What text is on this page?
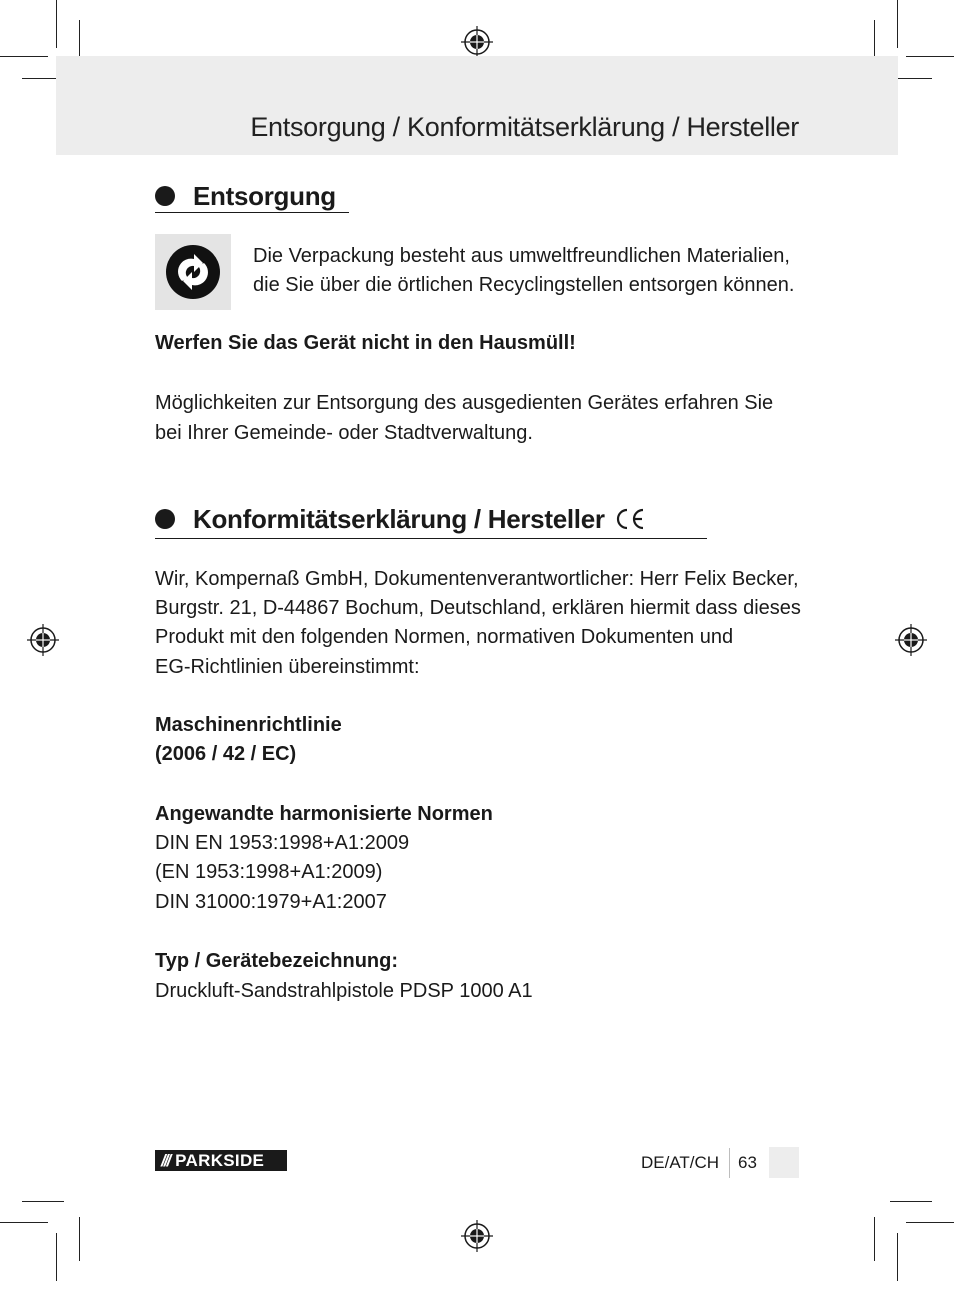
Entsorgung / Konformitätserklärung / Hersteller
Entsorgung
Die Verpackung besteht aus umweltfreundlichen Materialien,
die Sie über die örtlichen Recyclingstellen entsorgen können.
Werfen Sie das Gerät nicht in den Hausmüll!
Möglichkeiten zur Entsorgung des ausgedienten Gerätes erfahren Sie
bei Ihrer Gemeinde- oder Stadtverwaltung.
Konformitätserklärung / Hersteller
Wir, Kompernaß GmbH, Dokumentenverantwortlicher: Herr Felix Becker,
Burgstr. 21, D-44867 Bochum, Deutschland, erklären hiermit dass dieses
Produkt mit den folgenden Normen, normativen Dokumenten und
EG-Richtlinien übereinstimmt:
Maschinenrichtlinie
(2006 / 42 / EC)
Angewandte harmonisierte Normen
DIN EN 1953:1998+A1:2009
(EN 1953:1998+A1:2009)
DIN 31000:1979+A1:2007
Typ / Gerätebezeichnung:
Druckluft-Sandstrahlpistole PDSP 1000 A1
/// PARKSIDE	DE/AT/CH 63
